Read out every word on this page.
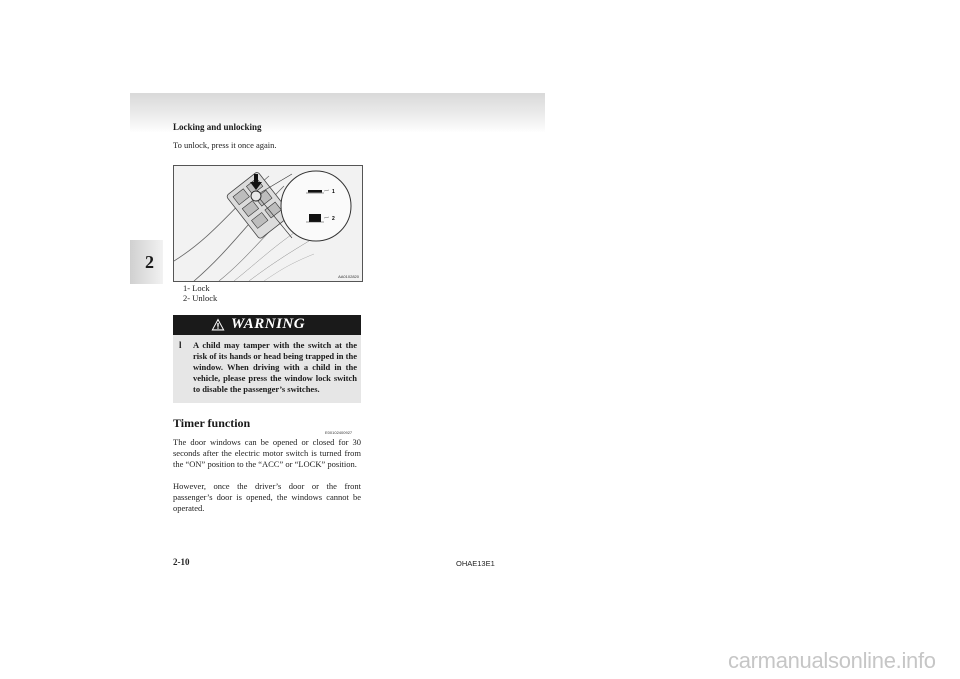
Locking and unlocking
2
To unlock, press it once again.
1
2
AA0102820
1- Lock
2- Unlock
WARNING
l A child may tamper with the switch at the risk of its hands or head being trapped in the window. When driving with a child in the vehicle, please press the window lock switch to disable the passenger’s switches.
Timer function
E00102400927
The door windows can be opened or closed for 30 seconds after the electric motor switch is turned from the “ON” position to the “ACC” or “LOCK” position.
However, once the driver’s door or the front passenger’s door is opened, the windows cannot be operated.
2-10	OHAE13E1
carmanualsonline.info
